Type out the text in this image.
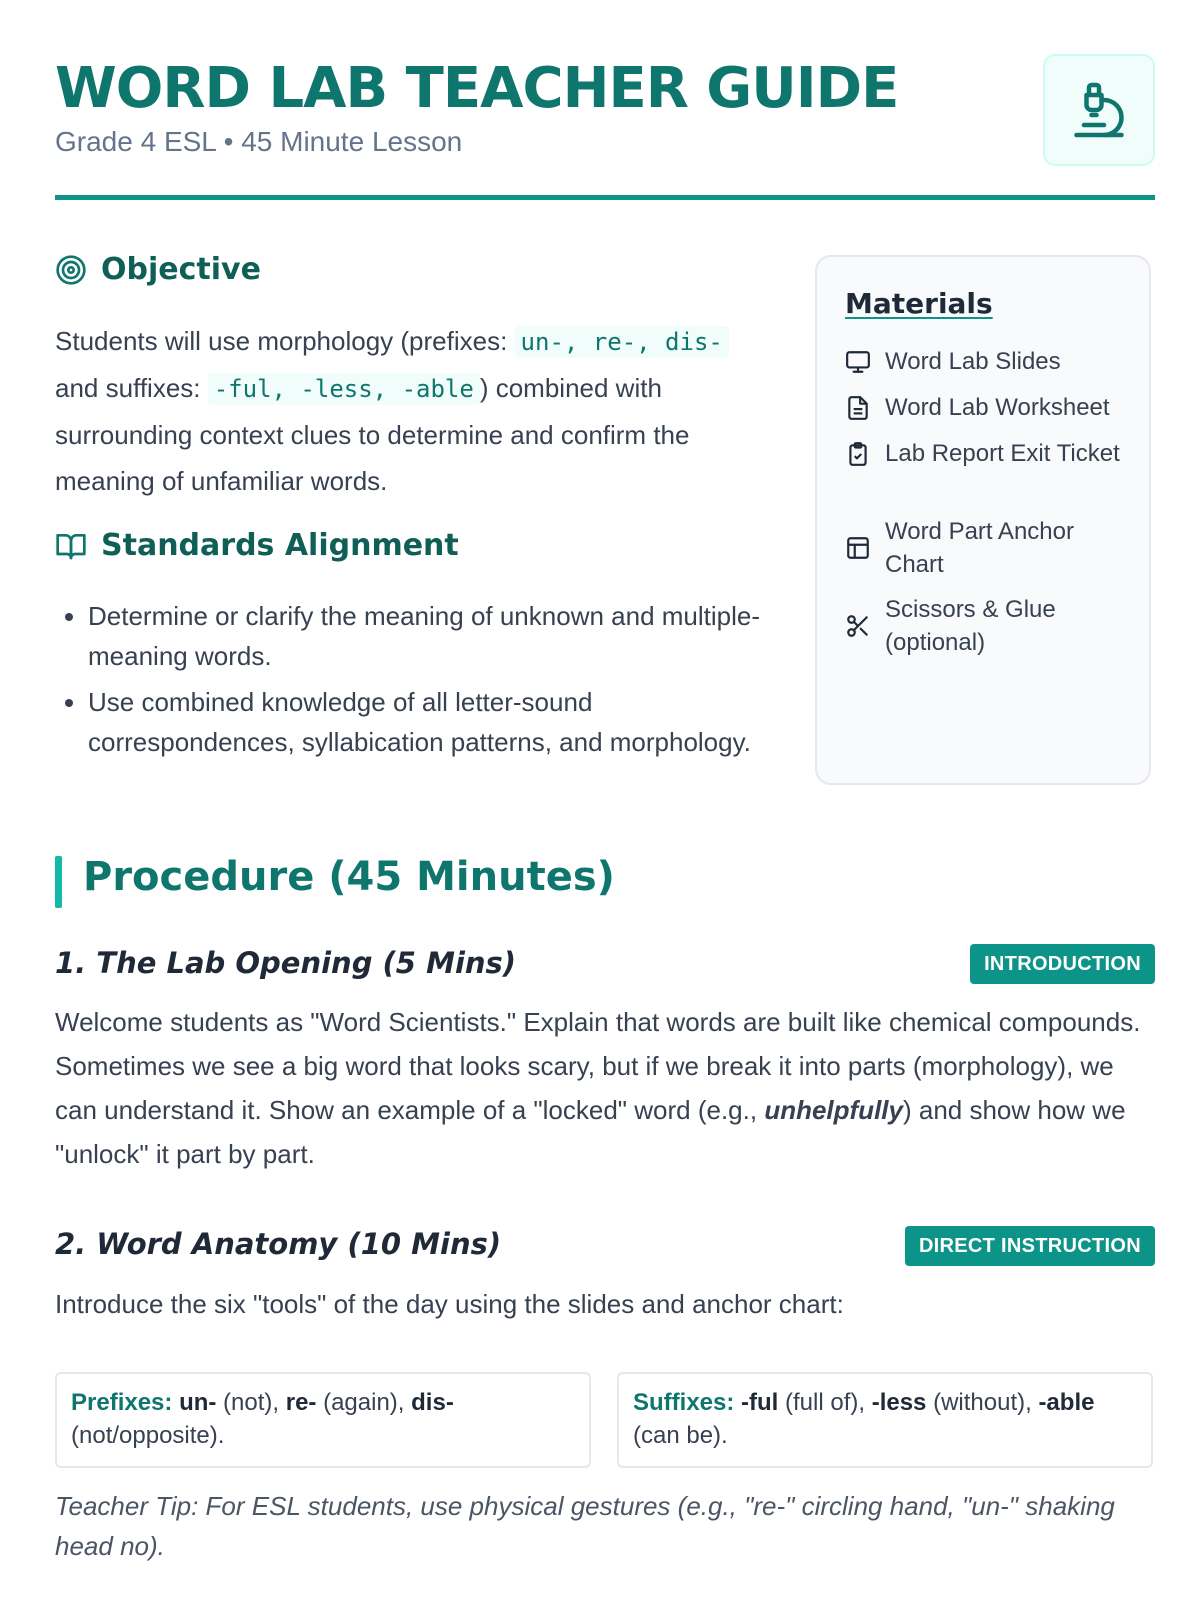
WORD LAB TEACHER GUIDE
Grade 4 ESL • 45 Minute Lesson
Objective
Students will use morphology (prefixes: un-, re-, dis- and suffixes: -ful, -less, -able ) combined with surrounding context clues to determine and confirm the meaning of unfamiliar words.
Standards Alignment
• Determine or clarify the meaning of unknown and multiple-meaning words.
• Use combined knowledge of all letter-sound correspondences, syllabication patterns, and morphology.
Materials
Word Lab Slides
Word Lab Worksheet
Lab Report Exit Ticket
Word Part Anchor Chart
Scissors & Glue (optional)
Procedure (45 Minutes)
1. The Lab Opening (5 Mins)	INTRODUCTION
Welcome students as "Word Scientists." Explain that words are built like chemical compounds. Sometimes we see a big word that looks scary, but if we break it into parts (morphology), we can understand it. Show an example of a "locked" word (e.g., unhelpfully) and show how we "unlock" it part by part.
2. Word Anatomy (10 Mins)	DIRECT INSTRUCTION
Introduce the six "tools" of the day using the slides and anchor chart:
Prefixes: un- (not), re- (again), dis- (not/opposite).
Suffixes: -ful (full of), -less (without), -able (can be).
Teacher Tip: For ESL students, use physical gestures (e.g., "re-" circling hand, "un-" shaking head no).
